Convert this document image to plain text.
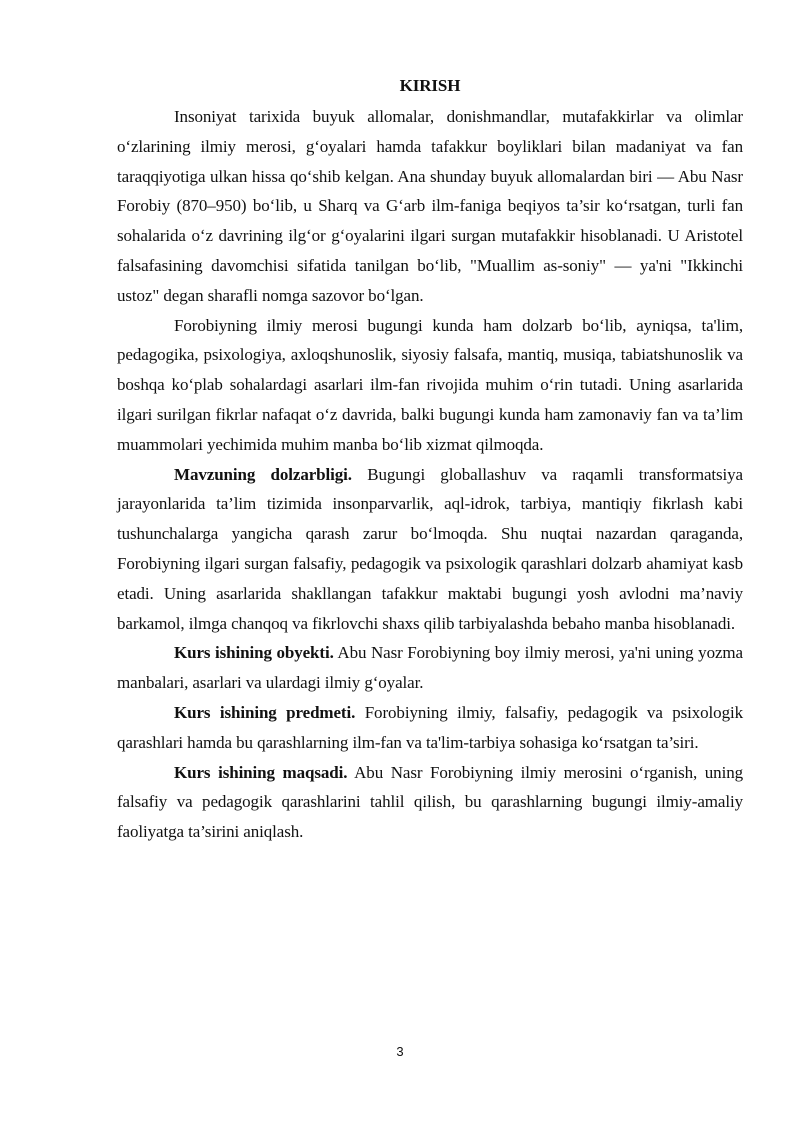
KIRISH

Insoniyat tarixida buyuk allomalar, donishmandlar, mutafakkirlar va olimlar o‘zlarining ilmiy merosi, g‘oyalari hamda tafakkur boyliklari bilan madaniyat va fan taraqqiyotiga ulkan hissa qo‘shib kelgan. Ana shunday buyuk allomalardan biri — Abu Nasr Forobiy (870–950) bo‘lib, u Sharq va G‘arb ilm-faniga beqiyos ta’sir ko‘rsatgan, turli fan sohalarida o‘z davrining ilg‘or g‘oyalarini ilgari surgan mutafakkir hisoblanadi. U Aristotel falsafasining davomchisi sifatida tanilgan bo‘lib, "Muallim as-soniy" — ya'ni "Ikkinchi ustoz" degan sharafli nomga sazovor bo‘lgan.

Forobiyning ilmiy merosi bugungi kunda ham dolzarb bo‘lib, ayniqsa, ta'lim, pedagogika, psixologiya, axloqshunoslik, siyosiy falsafa, mantiq, musiqa, tabiatshunoslik va boshqa ko‘plab sohalardagi asarlari ilm-fan rivojida muhim o‘rin tutadi. Uning asarlarida ilgari surilgan fikrlar nafaqat o‘z davrida, balki bugungi kunda ham zamonaviy fan va ta’lim muammolari yechimida muhim manba bo‘lib xizmat qilmoqda.

Mavzuning dolzarbligi. Bugungi globallashuv va raqamli transformatsiya jarayonlarida ta’lim tizimida insonparvarlik, aql-idrok, tarbiya, mantiqiy fikrlash kabi tushunchalarga yangicha qarash zarur bo‘lmoqda. Shu nuqtai nazardan qaraganda, Forobiyning ilgari surgan falsafiy, pedagogik va psixologik qarashlari dolzarb ahamiyat kasb etadi. Uning asarlarida shakllangan tafakkur maktabi bugungi yosh avlodni ma’naviy barkamol, ilmga chanqoq va fikrlovchi shaxs qilib tarbiyalashda bebaho manba hisoblanadi.

Kurs ishining obyekti. Abu Nasr Forobiyning boy ilmiy merosi, ya'ni uning yozma manbalari, asarlari va ulardagi ilmiy g‘oyalar.

Kurs ishining predmeti. Forobiyning ilmiy, falsafiy, pedagogik va psixologik qarashlari hamda bu qarashlarning ilm-fan va ta'lim-tarbiya sohasiga ko‘rsatgan ta’siri.

Kurs ishining maqsadi. Abu Nasr Forobiyning ilmiy merosini o‘rganish, uning falsafiy va pedagogik qarashlarini tahlil qilish, bu qarashlarning bugungi ilmiy-amaliy faoliyatga ta’sirini aniqlash.

3
